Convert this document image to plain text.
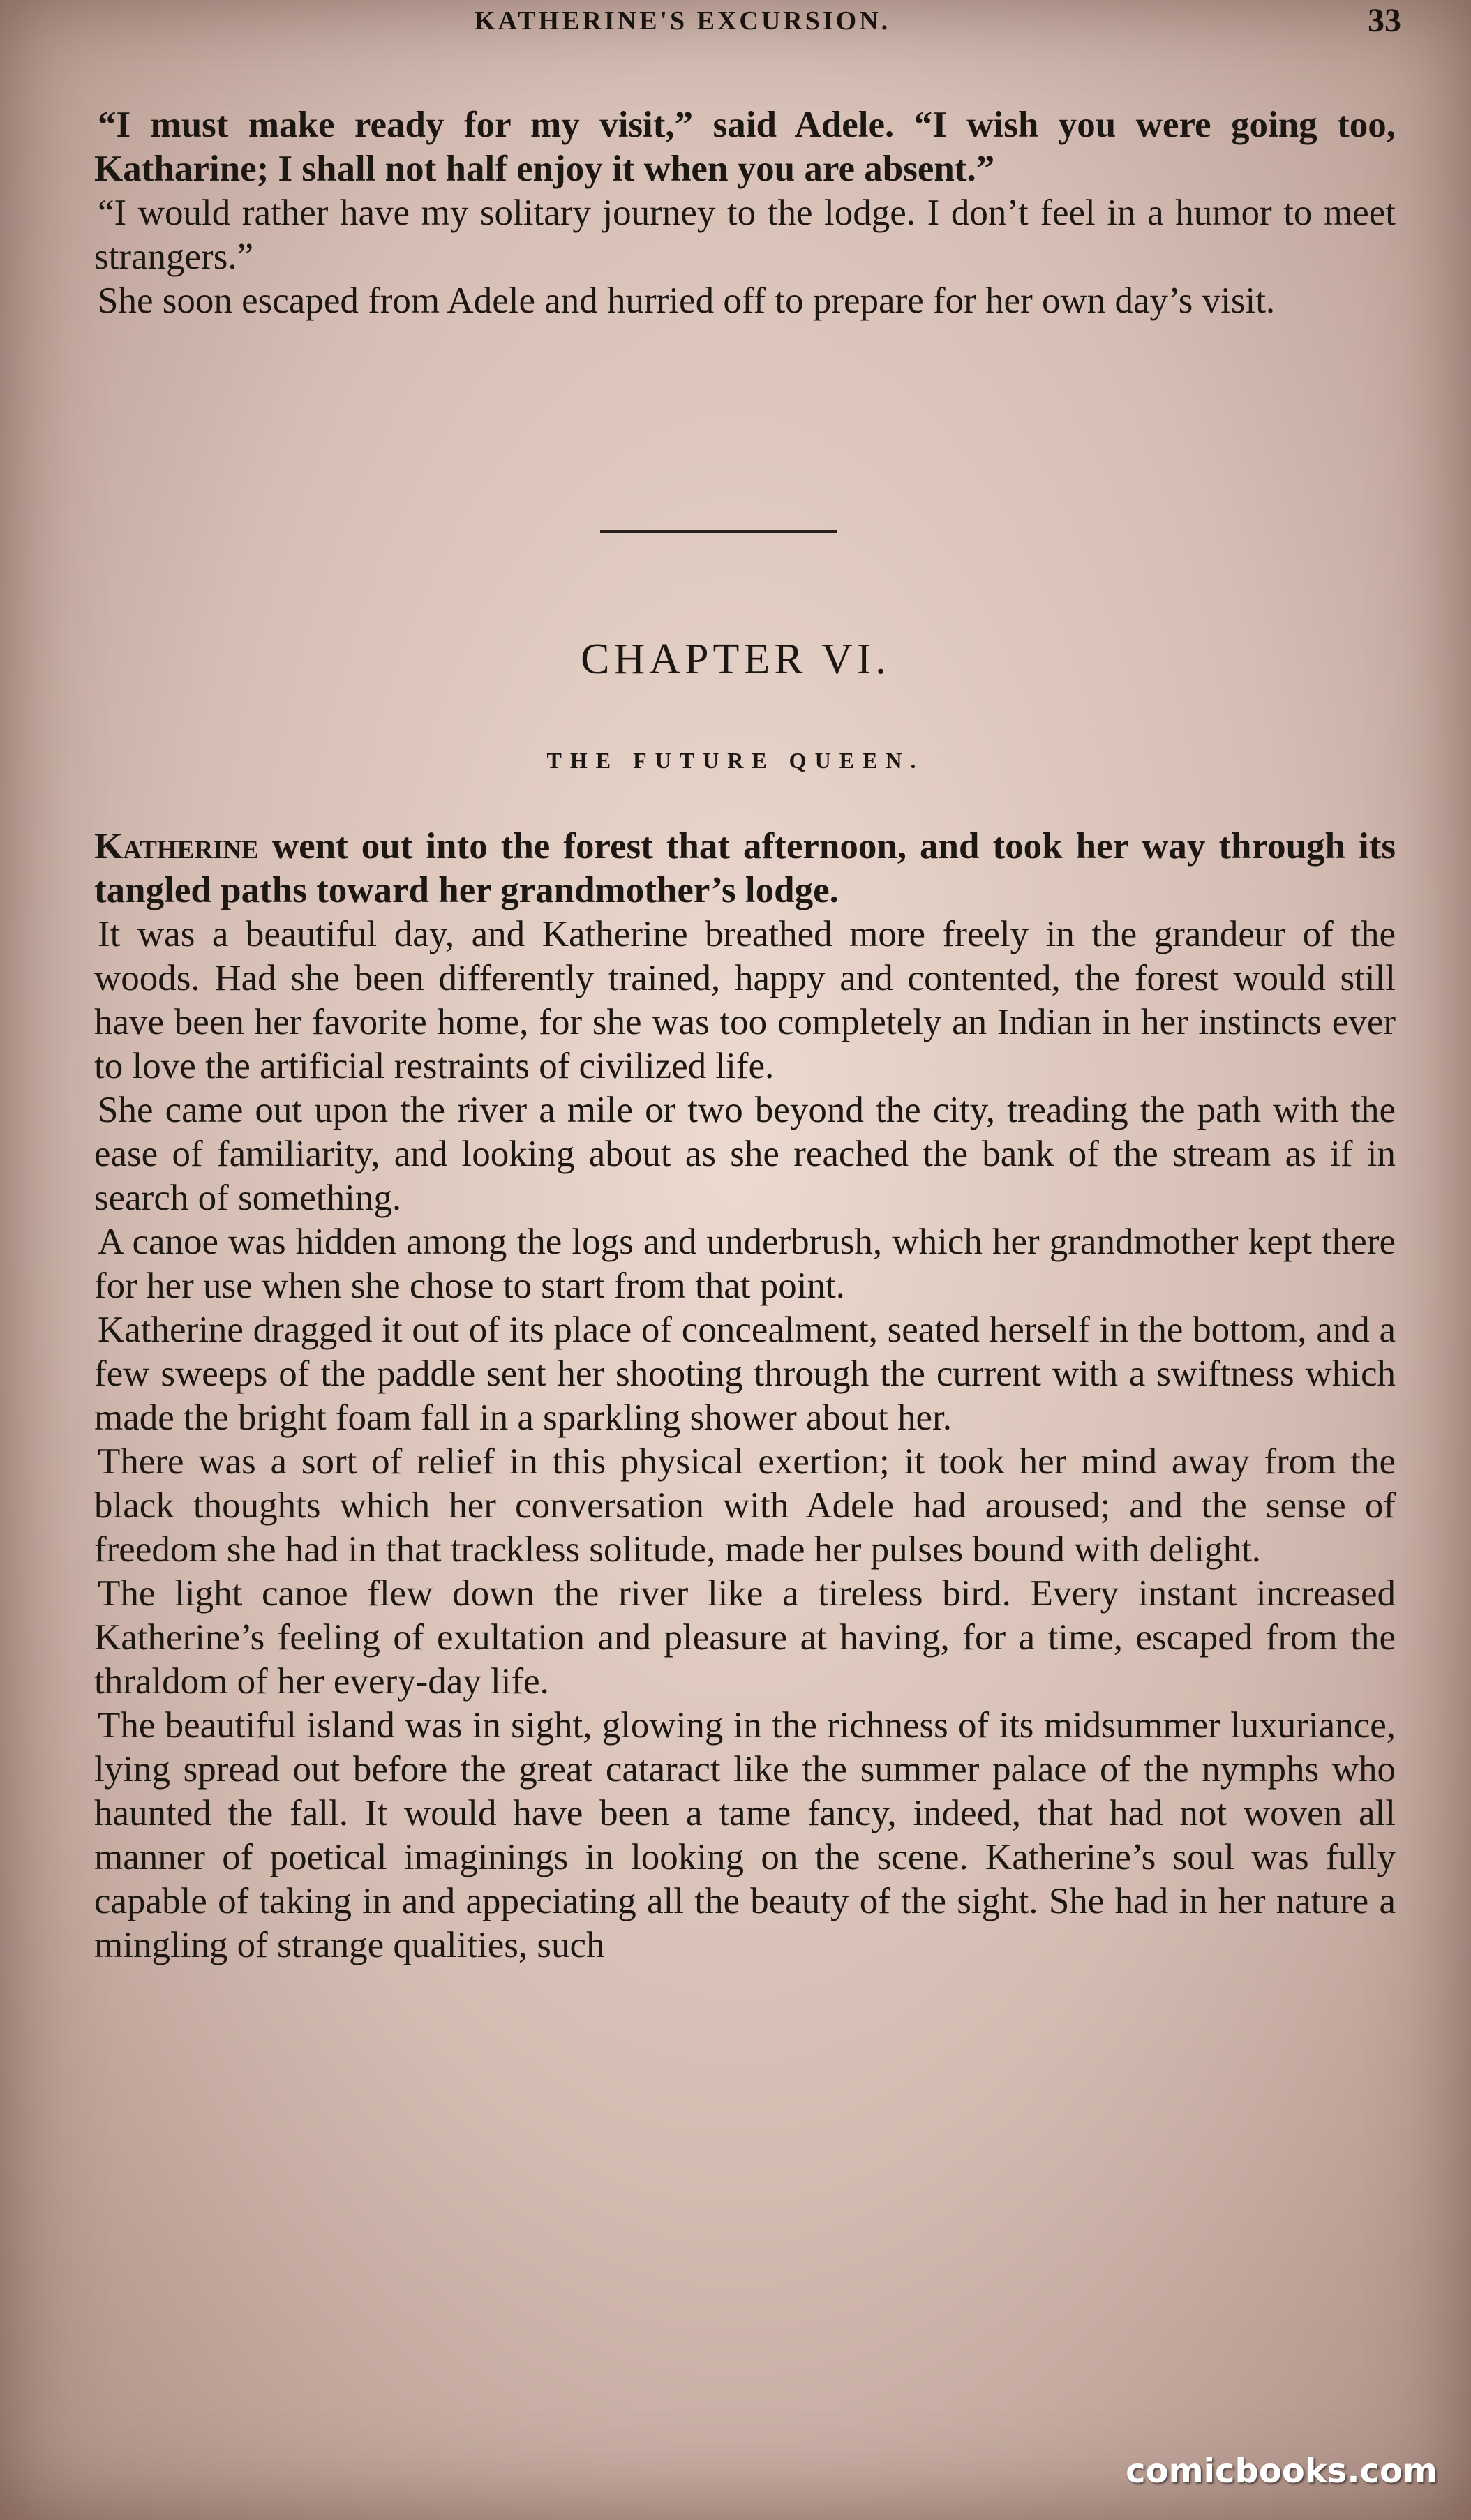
KATHERINE'S EXCURSION.	33

“I must make ready for my visit,” said Adele. “I wish you were going too, Katharine; I shall not half enjoy it when you are absent.”

“I would rather have my solitary journey to the lodge. I don’t feel in a humor to meet strangers.”

She soon escaped from Adele and hurried off to prepare for her own day’s visit.

CHAPTER VI.
THE FUTURE QUEEN.

Katherine went out into the forest that afternoon, and took her way through its tangled paths toward her grandmother’s lodge.

It was a beautiful day, and Katherine breathed more freely in the grandeur of the woods. Had she been differently trained, happy and contented, the forest would still have been her favorite home, for she was too completely an Indian in her instincts ever to love the artificial restraints of civilized life.

She came out upon the river a mile or two beyond the city, treading the path with the ease of familiarity, and looking about as she reached the bank of the stream as if in search of something.

A canoe was hidden among the logs and underbrush, which her grandmother kept there for her use when she chose to start from that point.

Katherine dragged it out of its place of concealment, seated herself in the bottom, and a few sweeps of the paddle sent her shooting through the current with a swiftness which made the bright foam fall in a sparkling shower about her.

There was a sort of relief in this physical exertion; it took her mind away from the black thoughts which her conversation with Adele had aroused; and the sense of freedom she had in that trackless solitude, made her pulses bound with delight.

The light canoe flew down the river like a tireless bird. Every instant increased Katherine’s feeling of exultation and pleasure at having, for a time, escaped from the thraldom of her every-day life.

The beautiful island was in sight, glowing in the richness of its midsummer luxuriance, lying spread out before the great cataract like the summer palace of the nymphs who haunted the fall. It would have been a tame fancy, indeed, that had not woven all manner of poetical imaginings in looking on the scene. Katherine’s soul was fully capable of taking in and appeciating all the beauty of the sight. She had in her nature a mingling of strange qualities, such

comicbooks.com
